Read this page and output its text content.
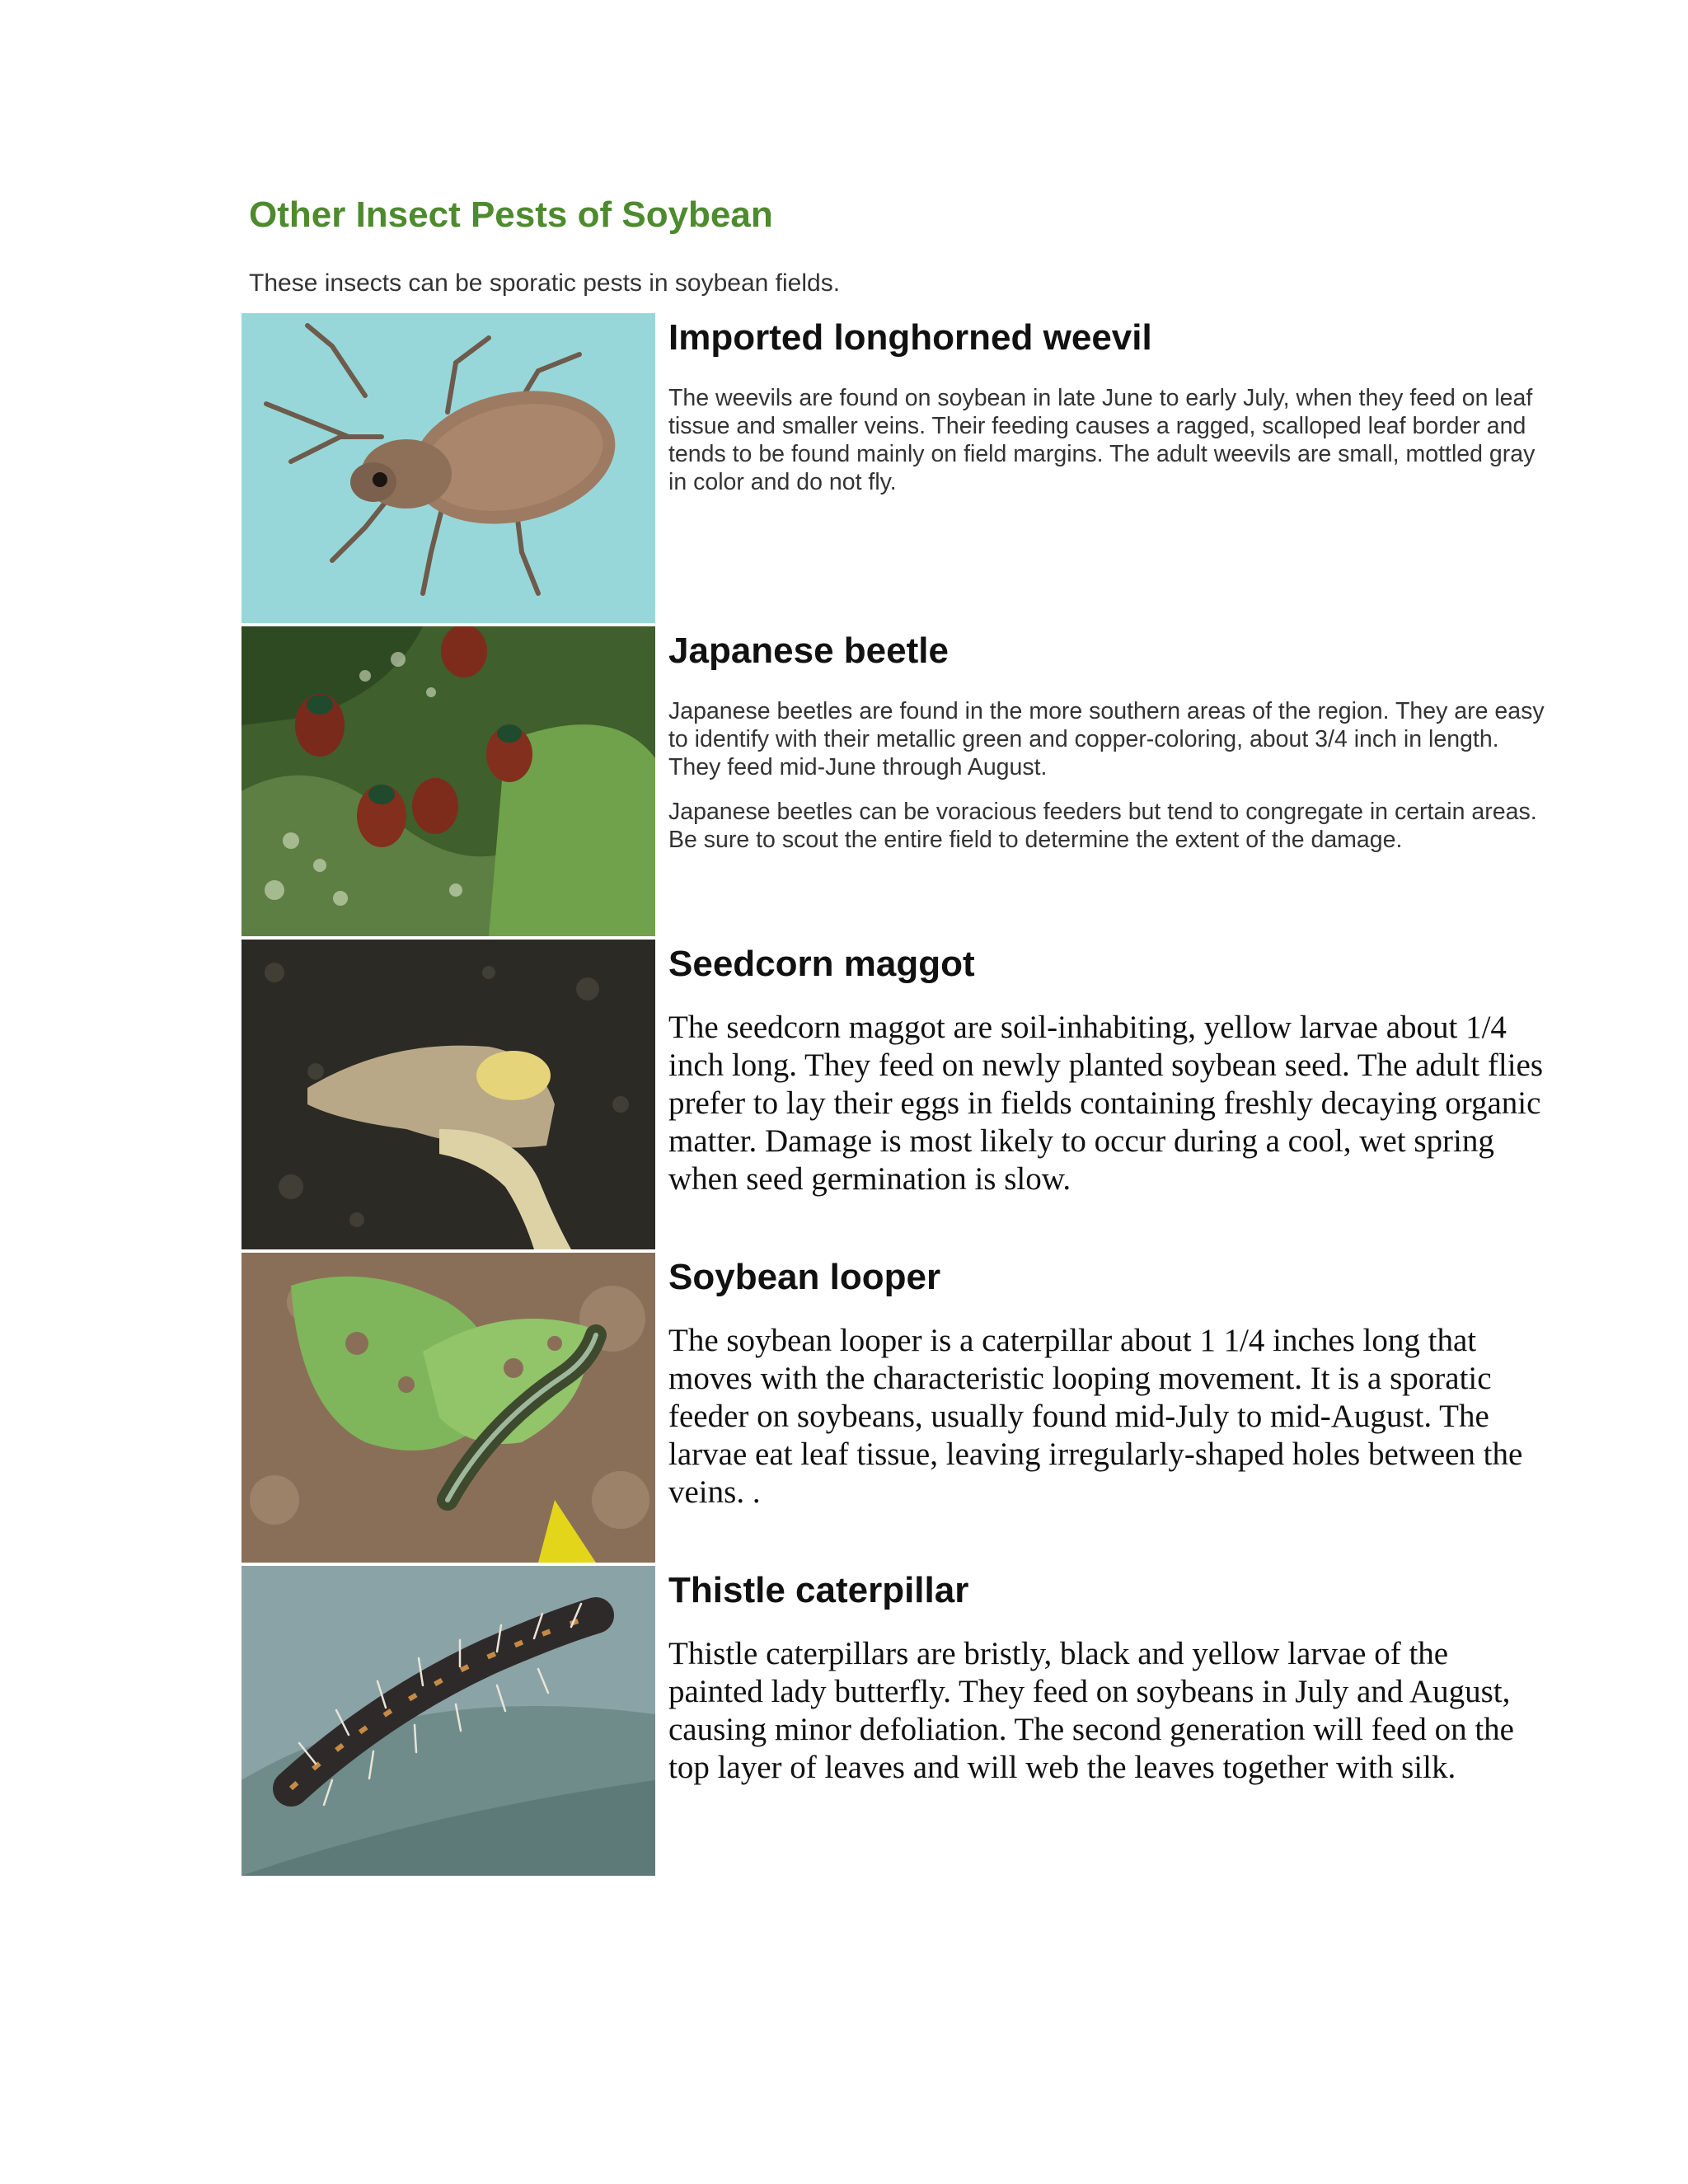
Other Insect Pests of Soybean

These insects can be sporatic pests in soybean fields.

Imported longhorned weevil

The weevils are found on soybean in late June to early July, when they feed on leaf tissue and smaller veins. Their feeding causes a ragged, scalloped leaf border and tends to be found mainly on field margins. The adult weevils are small, mottled gray in color and do not fly.

Japanese beetle

Japanese beetles are found in the more southern areas of the region. They are easy to identify with their metallic green and copper-coloring, about 3/4 inch in length. They feed mid-June through August.

Japanese beetles can be voracious feeders but tend to congregate in certain areas. Be sure to scout the entire field to determine the extent of the damage.

Seedcorn maggot

The seedcorn maggot are soil-inhabiting, yellow larvae about 1/4 inch long. They feed on newly planted soybean seed. The adult flies prefer to lay their eggs in fields containing freshly decaying organic matter. Damage is most likely to occur during a cool, wet spring when seed germination is slow.

Soybean looper

The soybean looper is a caterpillar about 1 1/4 inches long that moves with the characteristic looping movement. It is a sporatic feeder on soybeans, usually found mid-July to mid-August. The larvae eat leaf tissue, leaving irregularly-shaped holes between the veins. .

Thistle caterpillar

Thistle caterpillars are bristly, black and yellow larvae of the painted lady butterfly. They feed on soybeans in July and August, causing minor defoliation. The second generation will feed on the top layer of leaves and will web the leaves together with silk.
